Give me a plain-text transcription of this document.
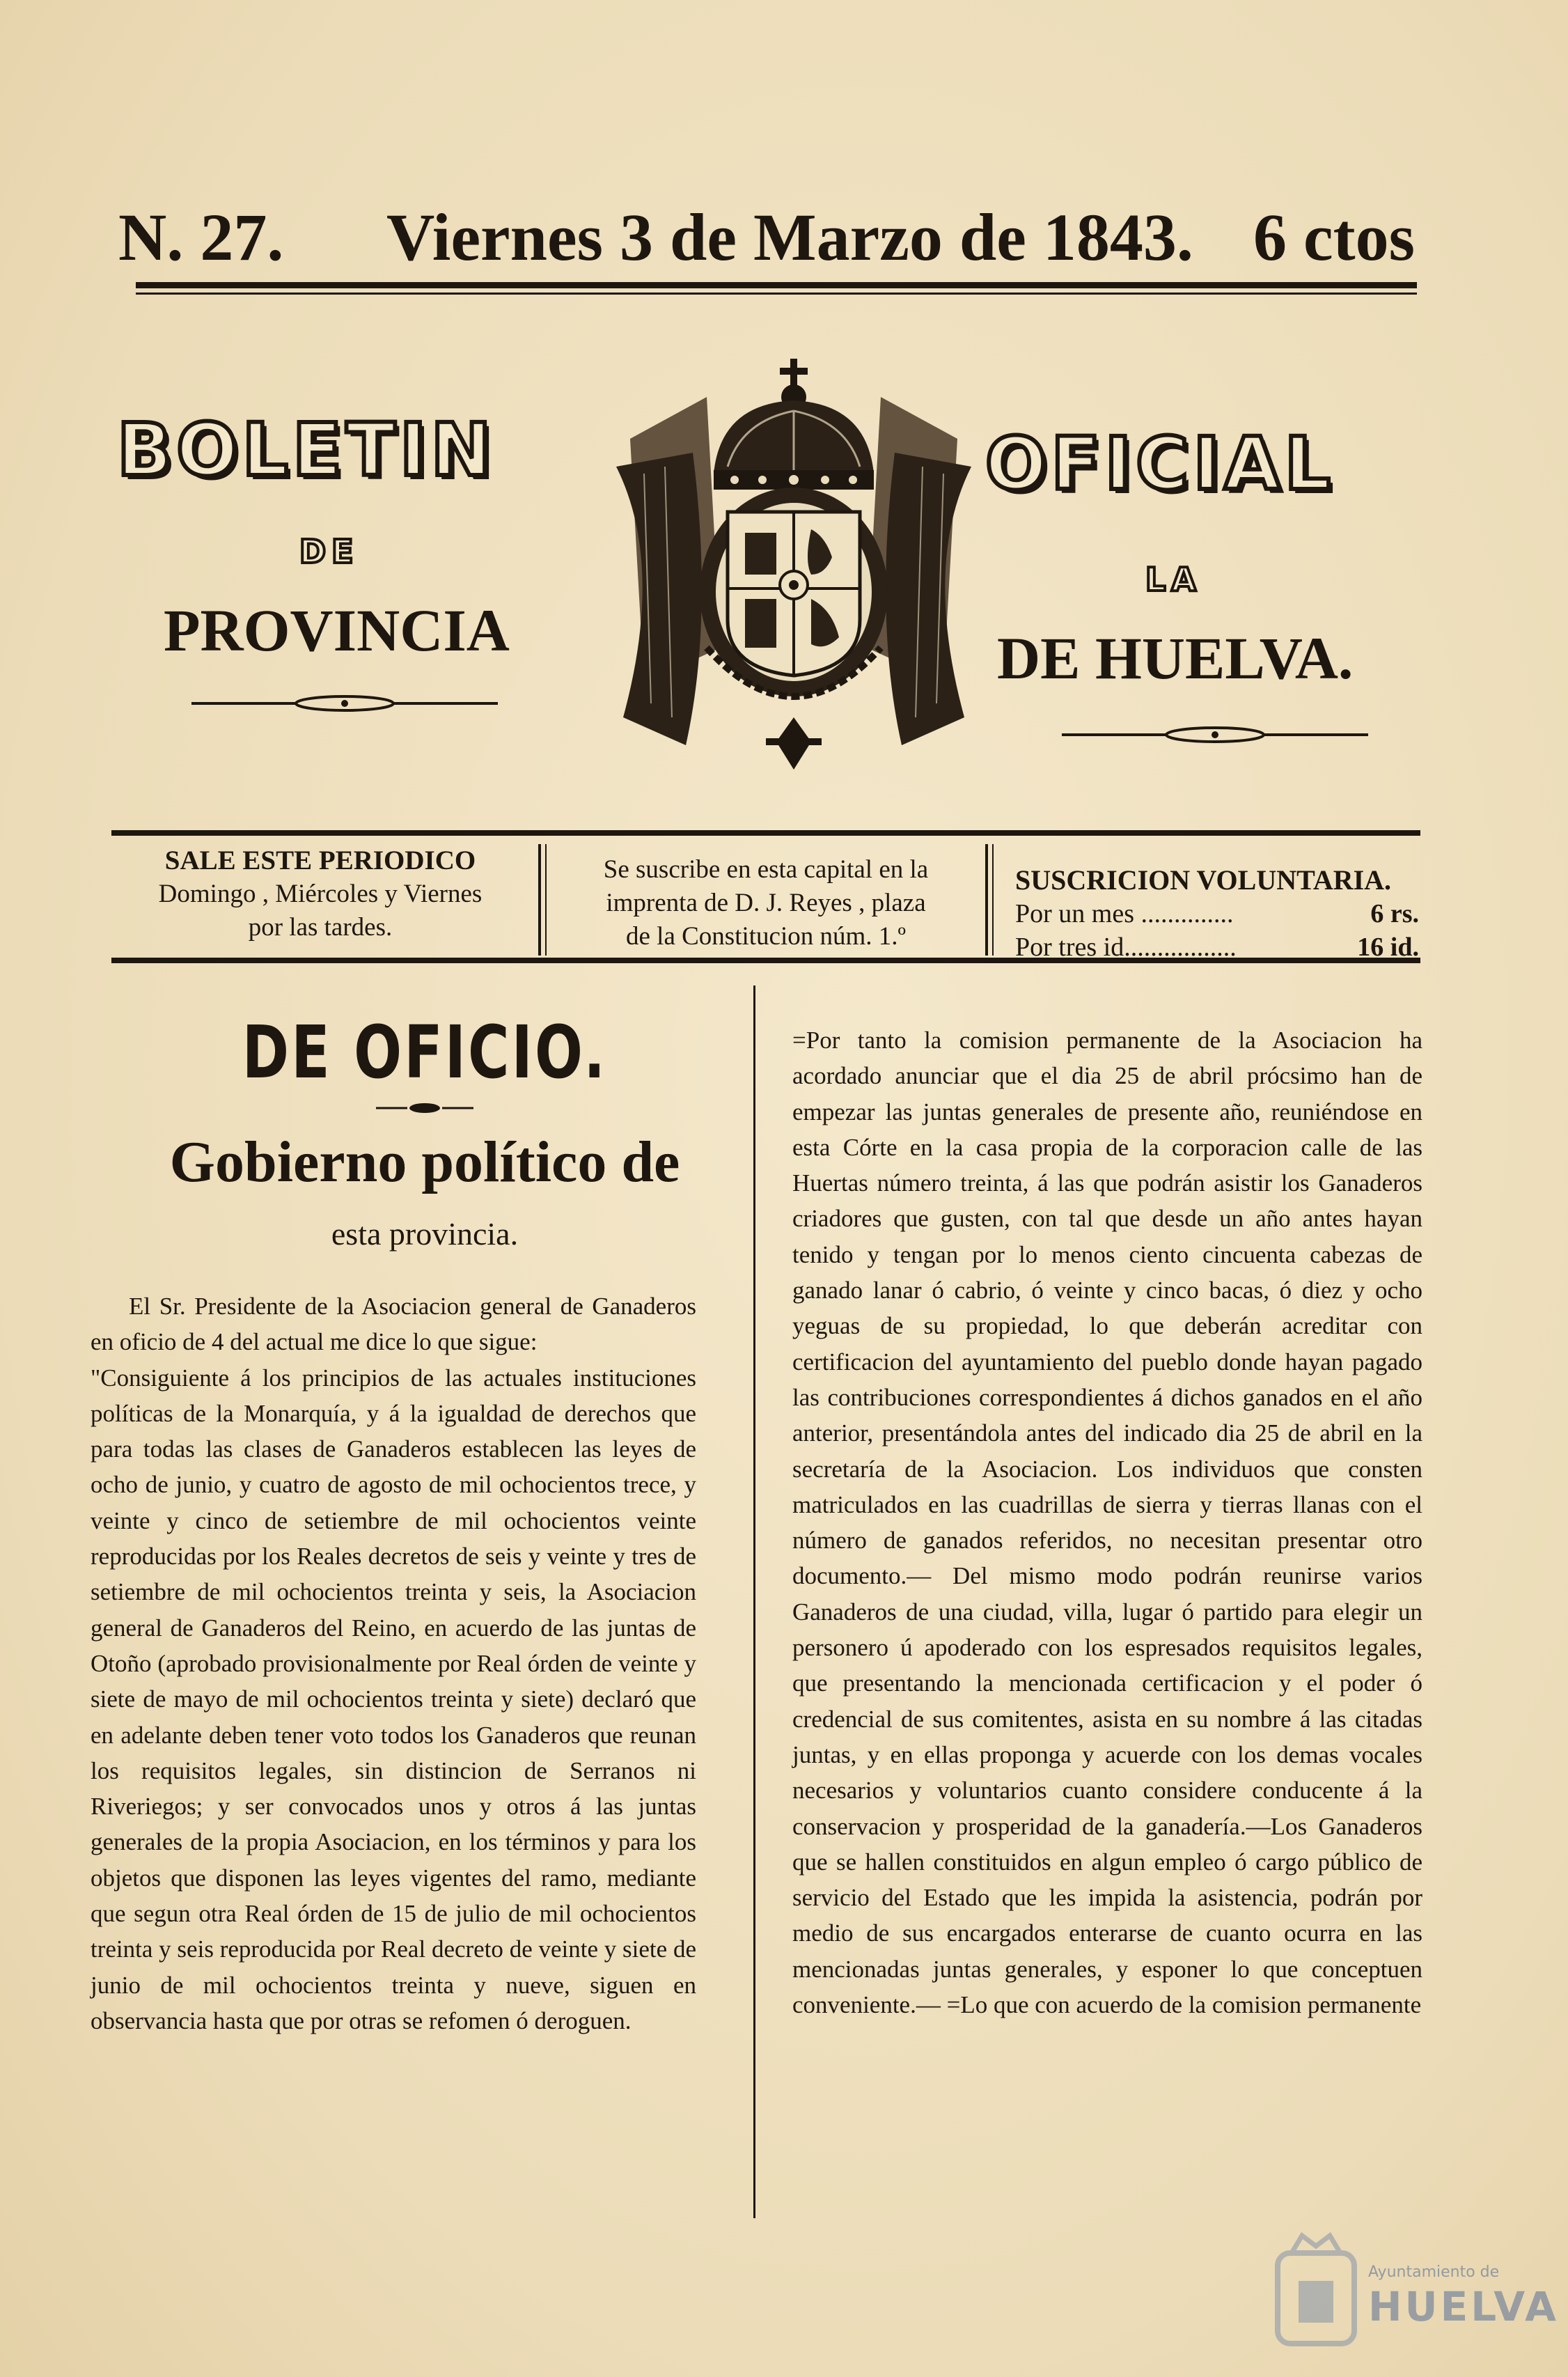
N. 27. Viernes 3 de Marzo de 1843. 6 ctos
BOLETIN	OFICIAL
DE
LA
PROVINCIA	DE HUELVA.
SALE ESTE PERIODICO
Domingo , Miércoles y Viernes
por las tardes.
Se suscribe en esta capital en la
imprenta de D. J. Reyes , plaza
de la Constitucion núm. 1.º
SUSCRICION VOLUNTARIA.
Por un mes ..............	6 rs.
Por tres id.................	16 id.
DE OFICIO.
Gobierno político de
esta provincia.

El Sr. Presidente de la Asociacion general de Ganaderos en oficio de 4 del actual me dice lo que sigue:

"Consiguiente á los principios de las actuales instituciones políticas de la Monarquía, y á la igualdad de derechos que para todas las clases de Ganaderos establecen las leyes de ocho de junio, y cuatro de agosto de mil ochocientos trece, y veinte y cinco de setiembre de mil ochocientos veinte reproducidas por los Reales decretos de seis y veinte y tres de setiembre de mil ochocientos treinta y seis, la Asociacion general de Ganaderos del Reino, en acuerdo de las juntas de Otoño (aprobado provisionalmente por Real órden de veinte y siete de mayo de mil ochocientos treinta y siete) declaró que en adelante deben tener voto todos los Ganaderos que reunan los requisitos legales, sin distincion de Serranos ni Riveriegos; y ser convocados unos y otros á las juntas generales de la propia Asociacion, en los términos y para los objetos que disponen las leyes vigentes del ramo, mediante que segun otra Real órden de 15 de julio de mil ochocientos treinta y seis reproducida por Real decreto de veinte y siete de junio de mil ochocientos treinta y nueve, siguen en observancia hasta que por otras se refomen ó deroguen.

=Por tanto la comision permanente de la Asociacion ha acordado anunciar que el dia 25 de abril prócsimo han de empezar las juntas generales de presente año, reuniéndose en esta Córte en la casa propia de la corporacion calle de las Huertas número treinta, á las que podrán asistir los Ganaderos criadores que gusten, con tal que desde un año antes hayan tenido y tengan por lo menos ciento cincuenta cabezas de ganado lanar ó cabrio, ó veinte y cinco bacas, ó diez y ocho yeguas de su propiedad, lo que deberán acreditar con certificacion del ayuntamiento del pueblo donde hayan pagado las contribuciones correspondientes á dichos ganados en el año anterior, presentándola antes del indicado dia 25 de abril en la secretaría de la Asociacion. Los individuos que consten matriculados en las cuadrillas de sierra y tierras llanas con el número de ganados referidos, no necesitan presentar otro documento.— Del mismo modo podrán reunirse varios Ganaderos de una ciudad, villa, lugar ó partido para elegir un personero ú apoderado con los espresados requisitos legales, que presentando la mencionada certificacion y el poder ó credencial de sus comitentes, asista en su nombre á las citadas juntas, y en ellas proponga y acuerde con los demas vocales necesarios y voluntarios cuanto considere conducente á la conservacion y prosperidad de la ganadería.—Los Ganaderos que se hallen constituidos en algun empleo ó cargo público de servicio del Estado que les impida la asistencia, podrán por medio de sus encargados enterarse de cuanto ocurra en las mencionadas juntas generales, y esponer lo que conceptuen conveniente.— =Lo que con acuerdo de la comision permanente

Ayuntamiento de
HUELVA
